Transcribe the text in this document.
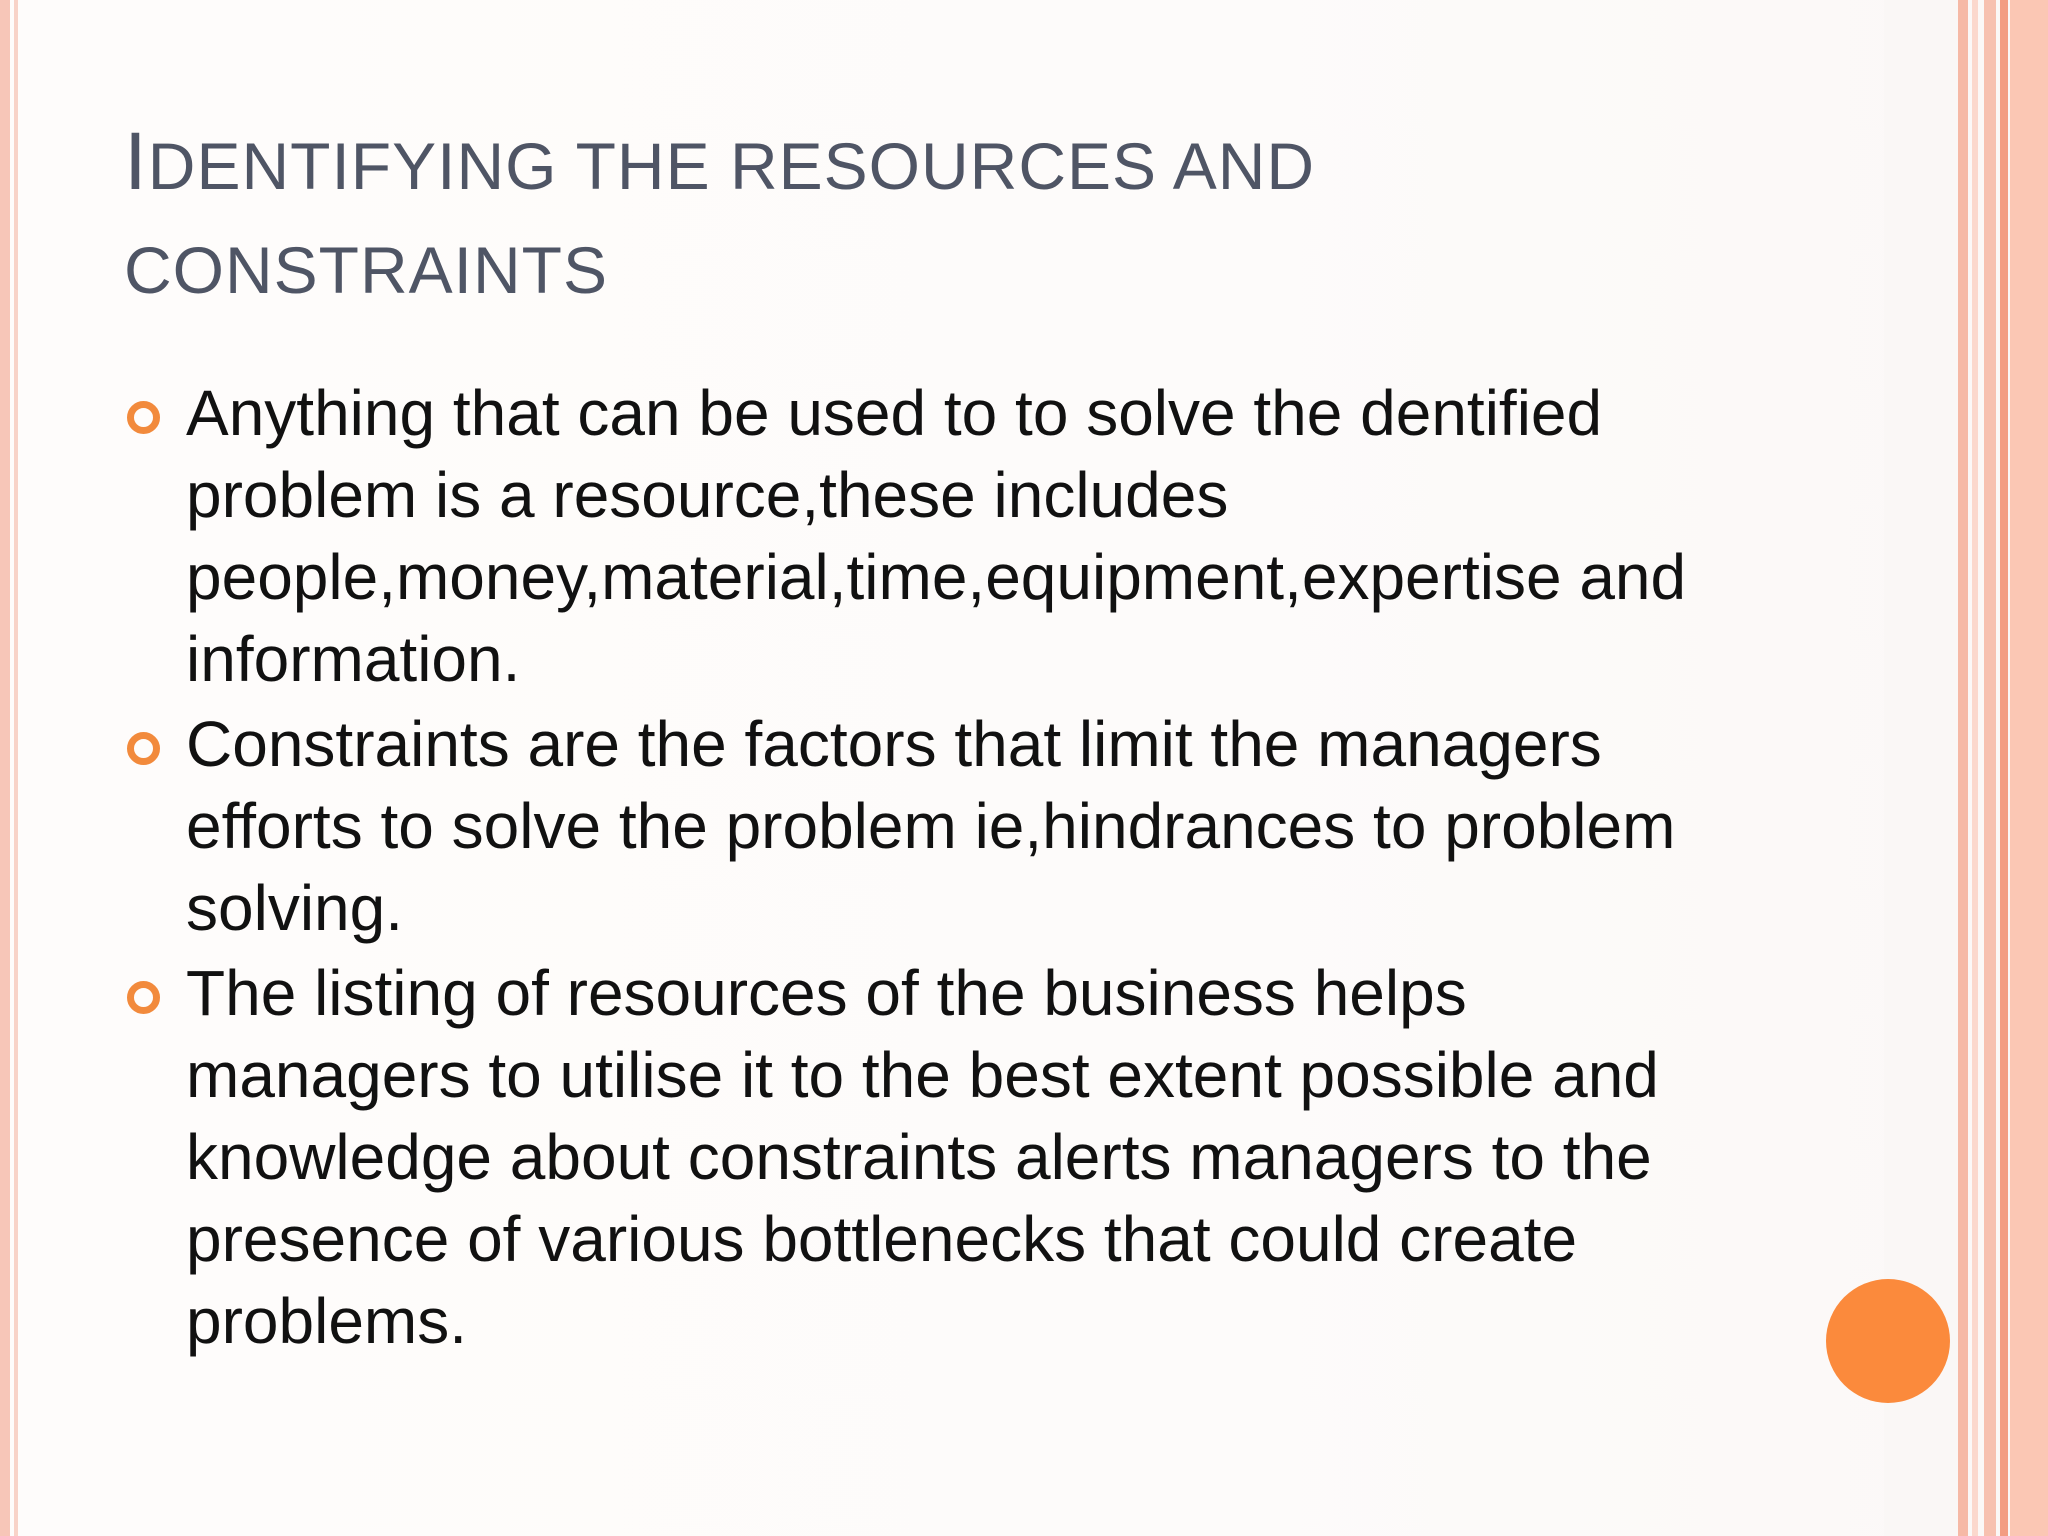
IDENTIFYING THE RESOURCES AND
CONSTRAINTS
Anything that can be used to to solve the dentified problem is a resource,these includes people,money,material,time,equipment,expertise and information.
Constraints are the factors that limit the managers efforts to solve the problem ie,hindrances to problem solving.
The listing of resources of the business helps managers to utilise it to the best extent possible and knowledge about constraints alerts managers to the presence of various bottlenecks that could create problems.
